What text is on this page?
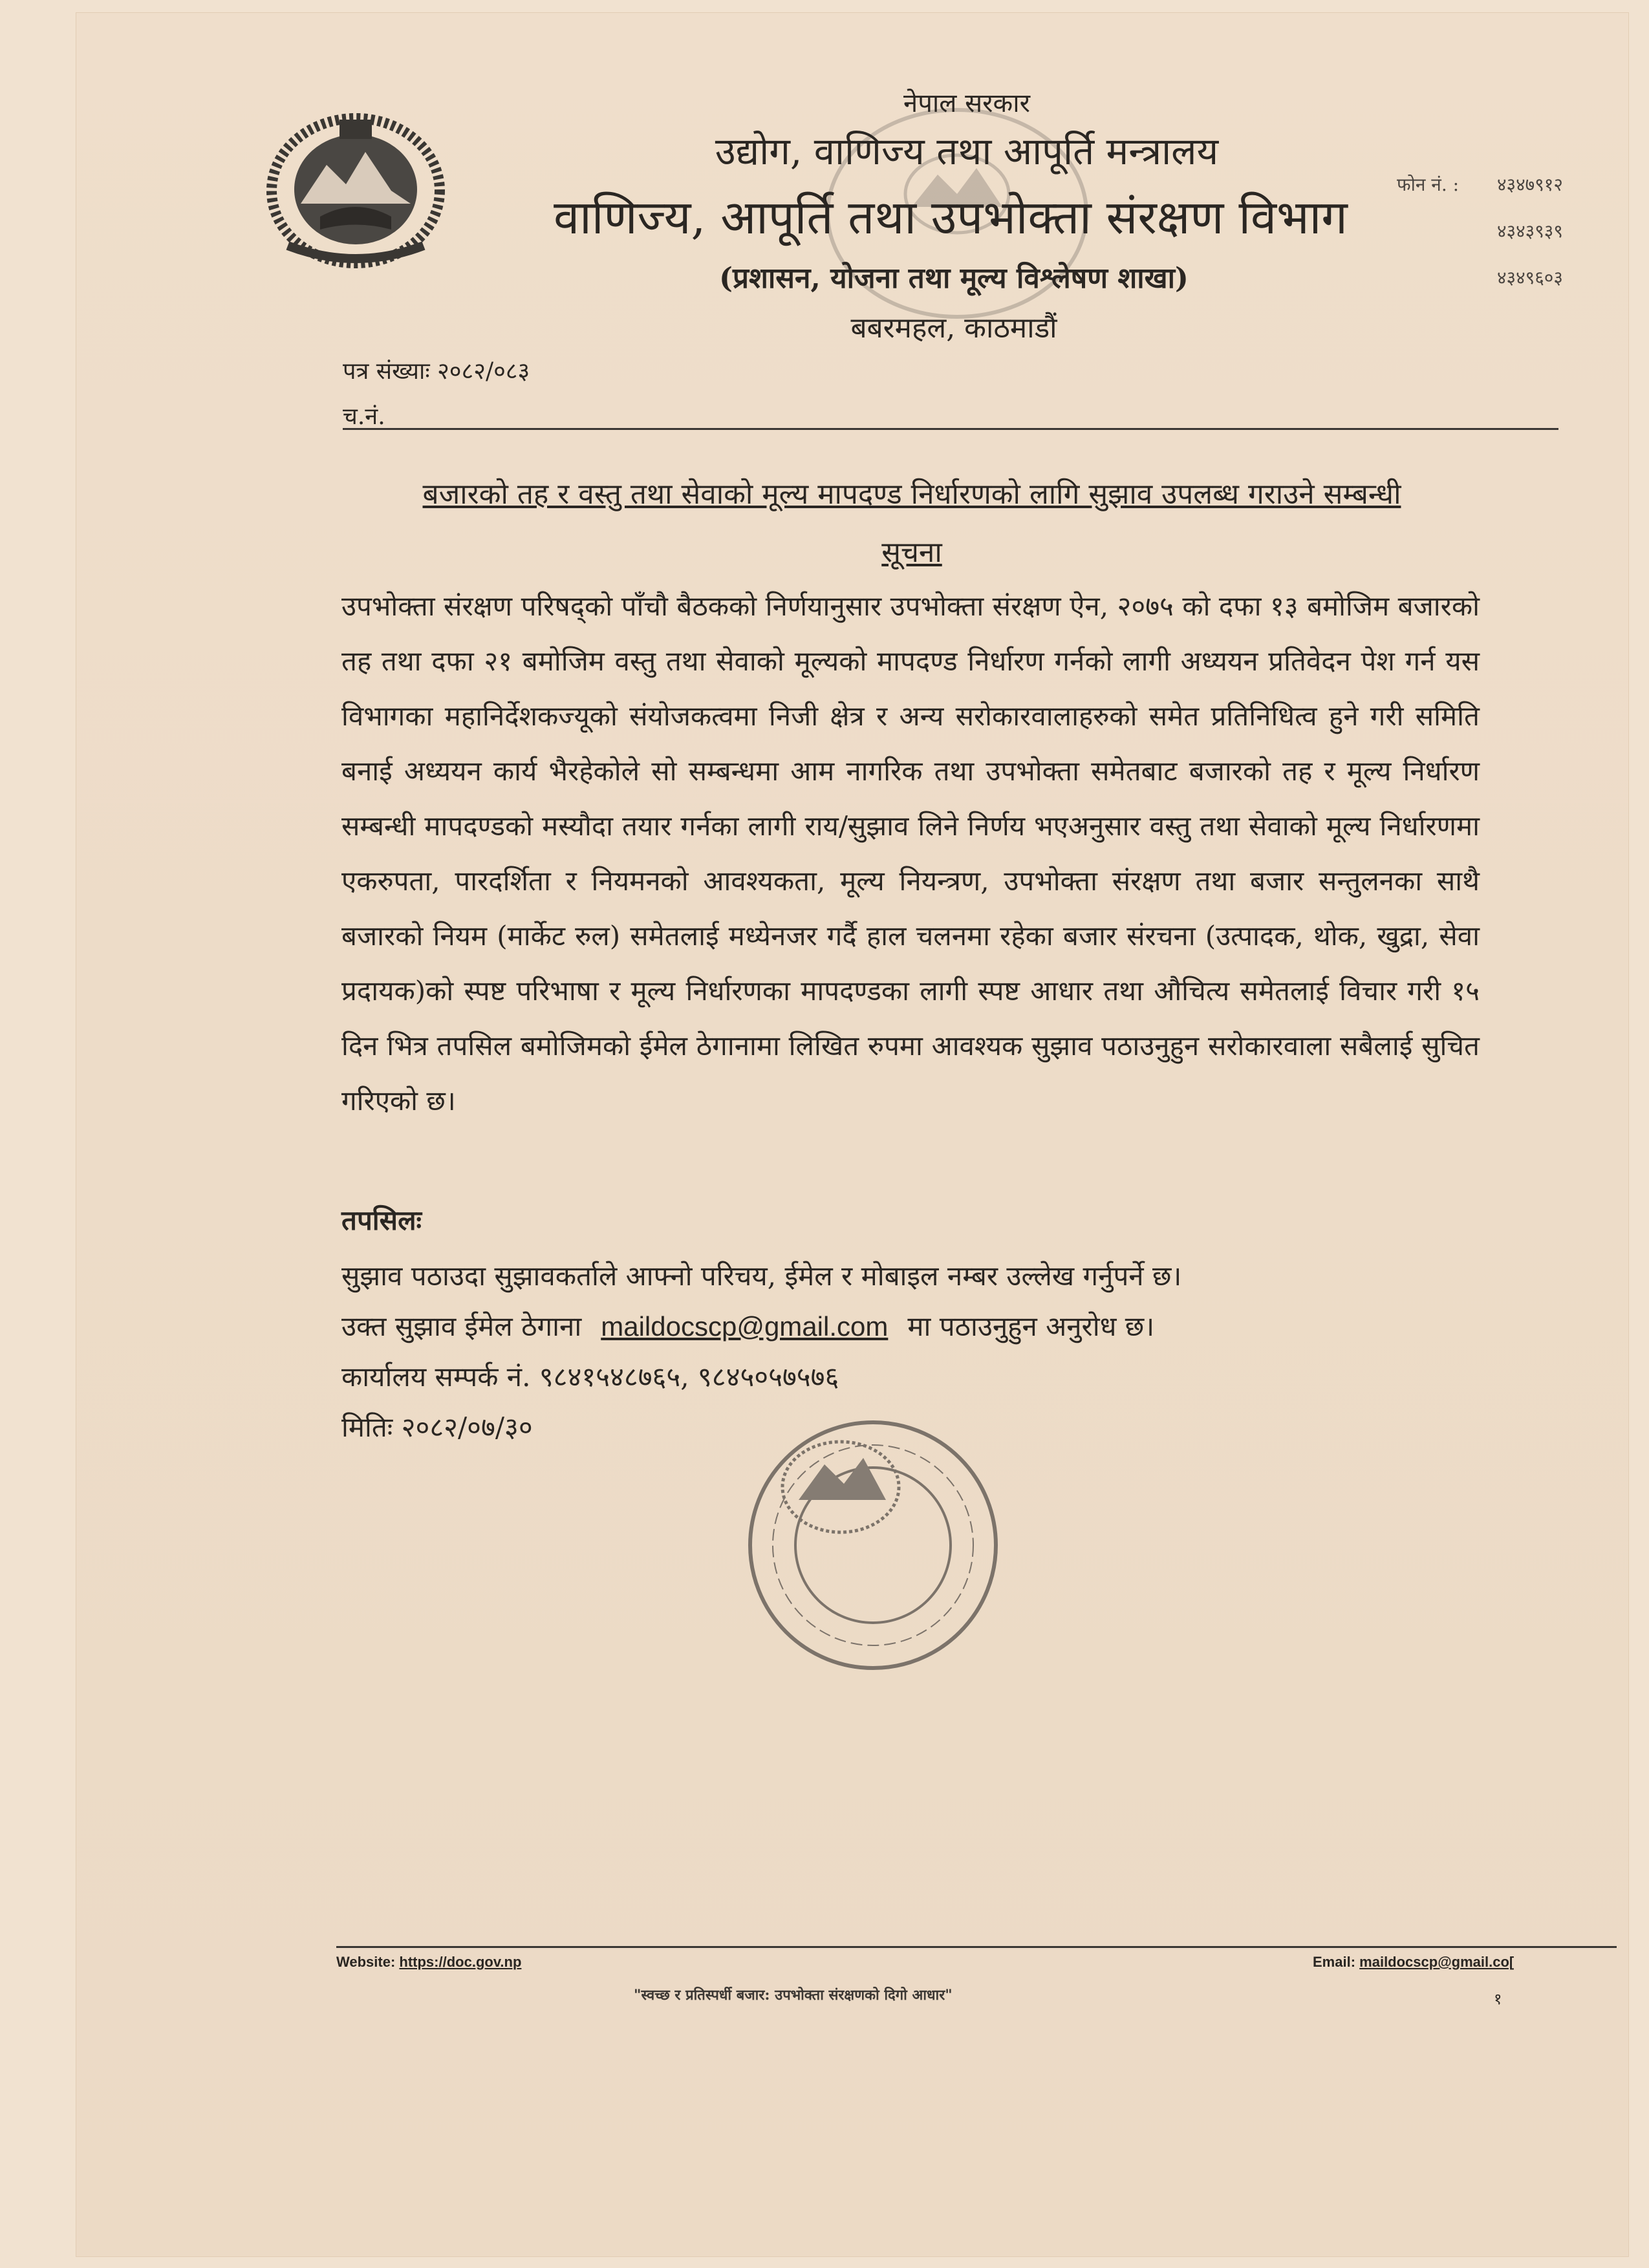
नेपाल सरकार
उद्योग, वाणिज्य तथा आपूर्ति मन्त्रालय
वाणिज्य, आपूर्ति तथा उपभोक्ता संरक्षण विभाग
(प्रशासन, योजना तथा मूल्य विश्लेषण शाखा)
बबरमहल, काठमाडौं
फोन नं. : ४३४७९१२
४३४३९३९
४३४९६०३
पत्र संख्याः २०८२/०८३
च.नं.
बजारको तह र वस्तु तथा सेवाको मूल्य मापदण्ड निर्धारणको लागि सुझाव उपलब्ध गराउने सम्बन्धी
सूचना
उपभोक्ता संरक्षण परिषद्को पाँचौ बैठकको निर्णयानुसार उपभोक्ता संरक्षण ऐन, २०७५ को दफा १३ बमोजिम बजारको तह तथा दफा २१ बमोजिम वस्तु तथा सेवाको मूल्यको मापदण्ड निर्धारण गर्नको लागी अध्ययन प्रतिवेदन पेश गर्न यस विभागका महानिर्देशकज्यूको संयोजकत्वमा निजी क्षेत्र र अन्य सरोकारवालाहरुको समेत प्रतिनिधित्व हुने गरी समिति बनाई अध्ययन कार्य भैरहेकोले सो सम्बन्धमा आम नागरिक तथा उपभोक्ता समेतबाट बजारको तह र मूल्य निर्धारण सम्बन्धी मापदण्डको मस्यौदा तयार गर्नका लागी राय/सुझाव लिने निर्णय भएअनुसार वस्तु तथा सेवाको मूल्य निर्धारणमा एकरुपता, पारदर्शिता र नियमनको आवश्यकता, मूल्य नियन्त्रण, उपभोक्ता संरक्षण तथा बजार सन्तुलनका साथै बजारको नियम (मार्केट रुल) समेतलाई मध्येनजर गर्दै हाल चलनमा रहेका बजार संरचना (उत्पादक, थोक, खुद्रा, सेवा प्रदायक)को स्पष्ट परिभाषा र मूल्य निर्धारणका मापदण्डका लागी स्पष्ट आधार तथा औचित्य समेतलाई विचार गरी १५ दिन भित्र तपसिल बमोजिमको ईमेल ठेगानामा लिखित रुपमा आवश्यक सुझाव पठाउनुहुन सरोकारवाला सबैलाई सुचित गरिएको छ।
तपसिलः
सुझाव पठाउदा सुझावकर्ताले आफ्नो परिचय, ईमेल र मोबाइल नम्बर उल्लेख गर्नुपर्ने छ।
उक्त सुझाव ईमेल ठेगाना maildocscp@gmail.com मा पठाउनुहुन अनुरोध छ।
कार्यालय सम्पर्क नं. ९८४१५४८७६५, ९८४५०५७५७६
मितिः २०८२/०७/३०
Website: https://doc.gov.np	Email: maildocscp@gmail.co[
"स्वच्छ र प्रतिस्पर्धी बजार: उपभोक्ता संरक्षणको दिगो आधार"	१
